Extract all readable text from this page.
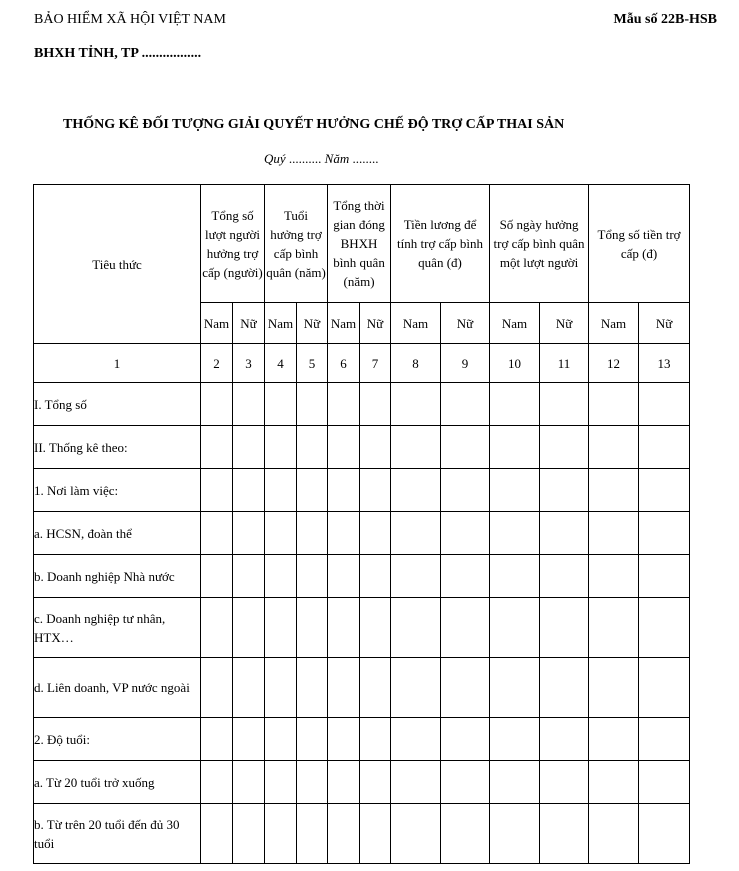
BẢO HIỂM XÃ HỘI VIỆT NAM	Mẫu số 22B-HSB
BHXH TỈNH, TP .................
THỐNG KÊ ĐỐI TƯỢNG GIẢI QUYẾT HƯỞNG CHẾ ĐỘ TRỢ CẤP THAI SẢN
Quý .......... Năm ........
Tiêu thức	Tổng số lượt người hưởng trợ cấp (người)		Tuổi hưởng trợ cấp bình quân (năm)		Tổng thời gian đóng BHXH bình quân (năm)		Tiền lương để tính trợ cấp bình quân (đ)		Số ngày hưởng trợ cấp bình quân một lượt người		Tổng số tiền trợ cấp (đ)	
	Nam	Nữ	Nam	Nữ	Nam	Nữ	Nam	Nữ	Nam	Nữ	Nam	Nữ
1	2	3	4	5	6	7	8	9	10	11	12	13
I. Tổng số												
II. Thống kê theo:												
1. Nơi làm việc:												
a. HCSN, đoàn thể												
b. Doanh nghiệp Nhà nước												
c. Doanh nghiệp tư nhân, HTX…												
d. Liên doanh, VP nước ngoài												
2. Độ tuổi:												
a. Từ 20 tuổi trở xuống												
b. Từ trên 20 tuổi đến đủ 30 tuổi												
